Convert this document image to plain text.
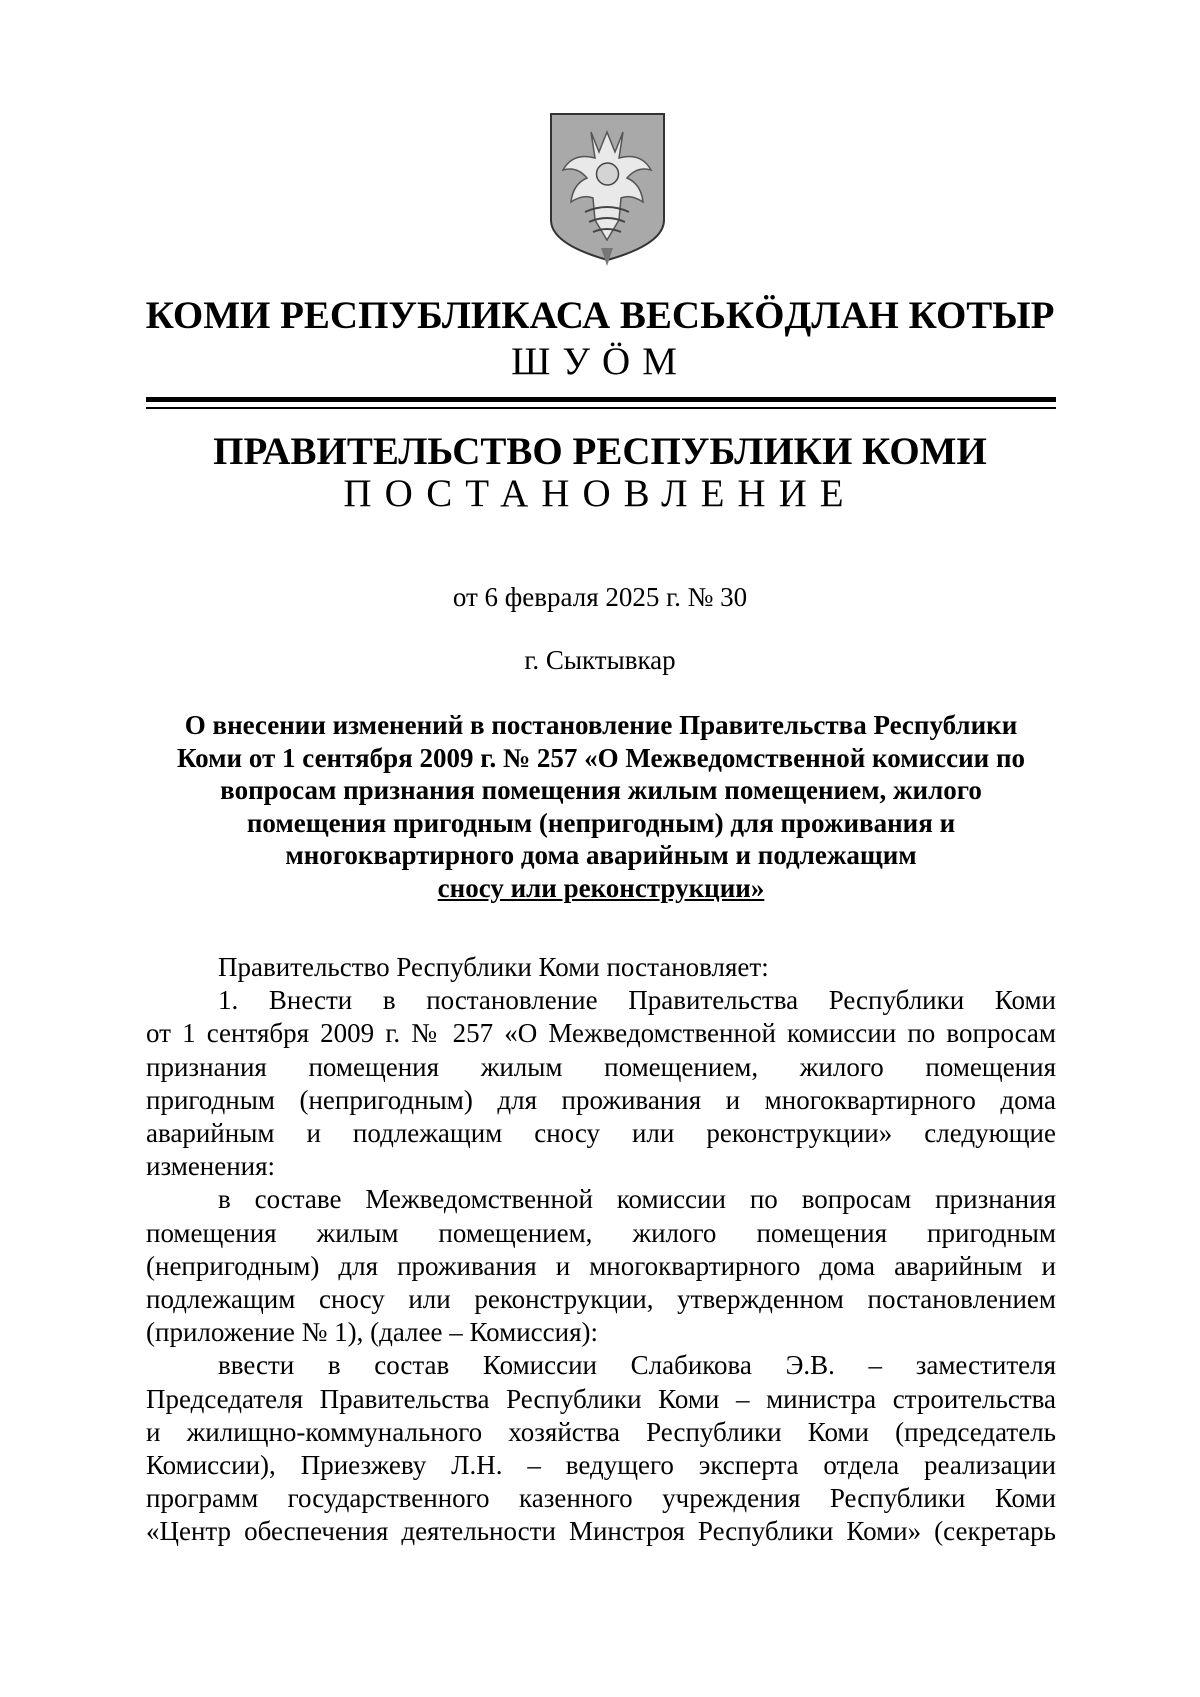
КОМИ РЕСПУБЛИКАСА ВЕСЬКÖДЛАН КОТЫР
ШУÖМ
ПРАВИТЕЛЬСТВО РЕСПУБЛИКИ КОМИ
ПОСТАНОВЛЕНИЕ
от 6 февраля 2025 г. № 30
г. Сыктывкар
О внесении изменений в постановление Правительства Республики
Коми от 1 сентября 2009 г. № 257 «О Межведомственной комиссии по
вопросам признания помещения жилым помещением, жилого
помещения пригодным (непригодным) для проживания и
многоквартирного дома аварийным и подлежащим
сносу или реконструкции»

Правительство Республики Коми постановляет:

1. Внести в постановление Правительства Республики Коми
от 1 сентября 2009 г. № 257 «О Межведомственной комиссии по вопросам
признания помещения жилым помещением, жилого помещения
пригодным (непригодным) для проживания и многоквартирного дома
аварийным и подлежащим сносу или реконструкции» следующие
изменения:
в составе Межведомственной комиссии по вопросам признания
помещения жилым помещением, жилого помещения пригодным
(непригодным) для проживания и многоквартирного дома аварийным и
подлежащим сносу или реконструкции, утвержденном постановлением
(приложение № 1), (далее – Комиссия):
ввести в состав Комиссии Слабикова Э.В. – заместителя
Председателя Правительства Республики Коми – министра строительства
и жилищно-коммунального хозяйства Республики Коми (председатель
Комиссии), Приезжеву Л.Н. – ведущего эксперта отдела реализации
программ государственного казенного учреждения Республики Коми
«Центр обеспечения деятельности Минстроя Республики Коми» (секретарь
